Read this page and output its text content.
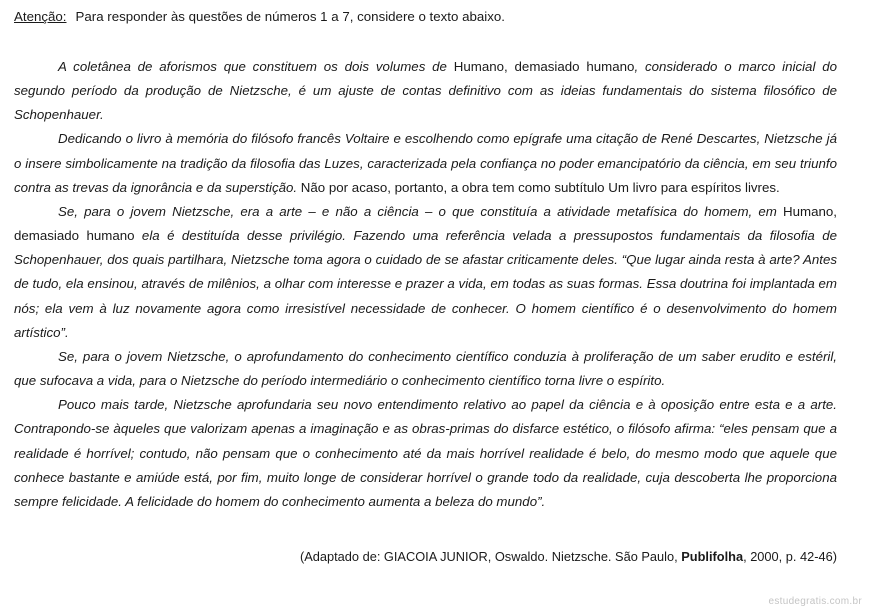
Atenção: Para responder às questões de números 1 a 7, considere o texto abaixo.

A coletânea de aforismos que constituem os dois volumes de Humano, demasiado humano, considerado o marco inicial do segundo período da produção de Nietzsche, é um ajuste de contas definitivo com as ideias fundamentais do sistema filosófico de Schopenhauer.

Dedicando o livro à memória do filósofo francês Voltaire e escolhendo como epígrafe uma citação de René Descartes, Nietzsche já o insere simbolicamente na tradição da filosofia das Luzes, caracterizada pela confiança no poder emancipatório da ciência, em seu triunfo contra as trevas da ignorância e da superstição. Não por acaso, portanto, a obra tem como subtítulo Um livro para espíritos livres.

Se, para o jovem Nietzsche, era a arte – e não a ciência – o que constituía a atividade metafísica do homem, em Humano, demasiado humano ela é destituída desse privilégio. Fazendo uma referência velada a pressupostos fundamentais da filosofia de Schopenhauer, dos quais partilhara, Nietzsche toma agora o cuidado de se afastar criticamente deles. “Que lugar ainda resta à arte? Antes de tudo, ela ensinou, através de milênios, a olhar com interesse e prazer a vida, em todas as suas formas. Essa doutrina foi implantada em nós; ela vem à luz novamente agora como irresistível necessidade de conhecer. O homem científico é o desenvolvimento do homem artístico”.

Se, para o jovem Nietzsche, o aprofundamento do conhecimento científico conduzia à proliferação de um saber erudito e estéril, que sufocava a vida, para o Nietzsche do período intermediário o conhecimento científico torna livre o espírito.

Pouco mais tarde, Nietzsche aprofundaria seu novo entendimento relativo ao papel da ciência e à oposição entre esta e a arte. Contrapondo-se àqueles que valorizam apenas a imaginação e as obras-primas do disfarce estético, o filósofo afirma: “eles pensam que a realidade é horrível; contudo, não pensam que o conhecimento até da mais horrível realidade é belo, do mesmo modo que aquele que conhece bastante e amiúde está, por fim, muito longe de considerar horrível o grande todo da realidade, cuja descoberta lhe proporciona sempre felicidade. A felicidade do homem do conhecimento aumenta a beleza do mundo”.

(Adaptado de: GIACOIA JUNIOR, Oswaldo. Nietzsche. São Paulo, Publifolha, 2000, p. 42-46)
estudegratis.com.br
